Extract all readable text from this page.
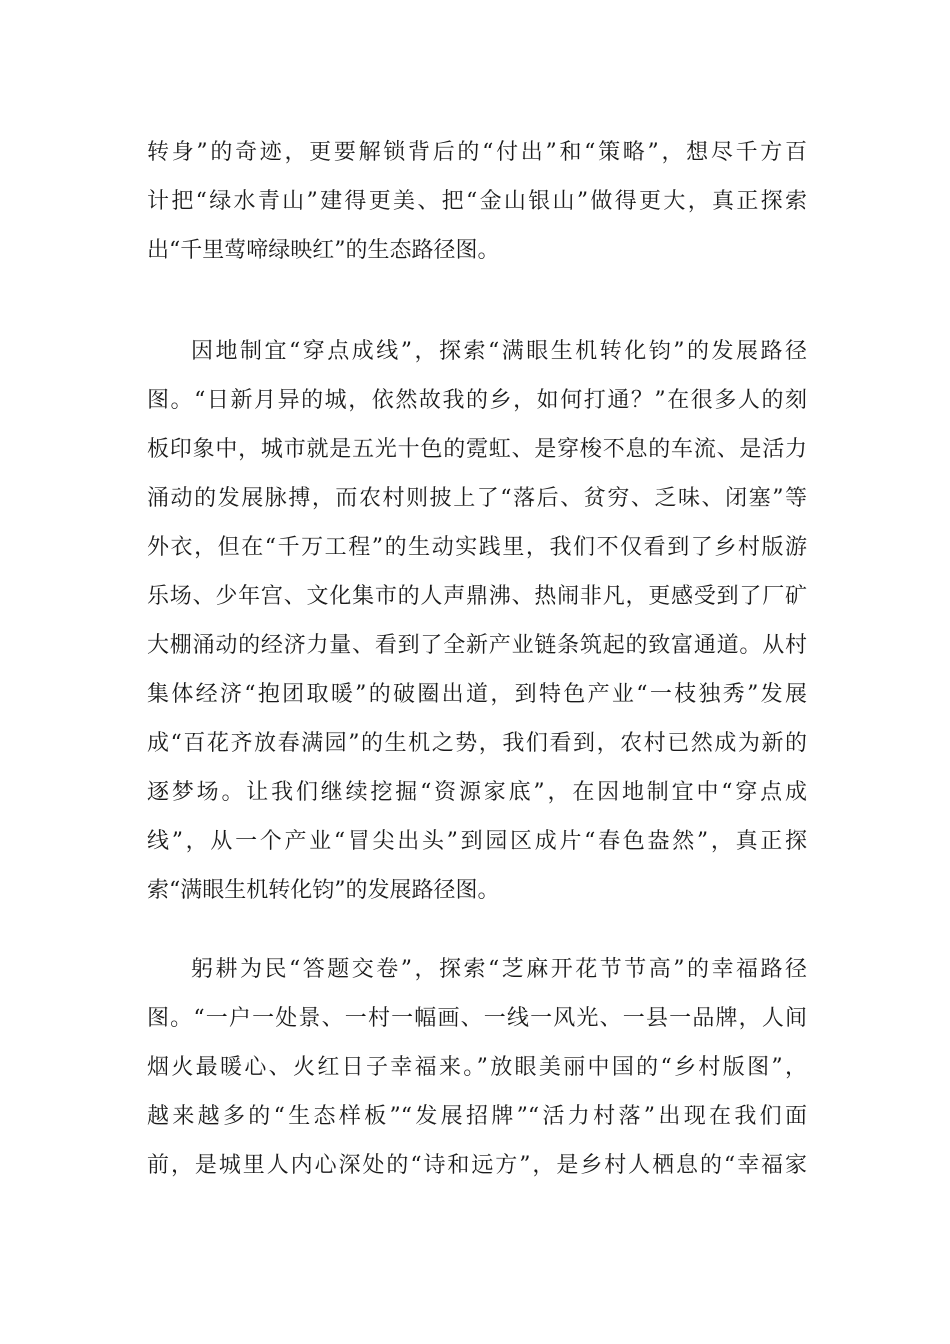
转身”的奇迹，更要解锁背后的“付出”和“策略”，想尽千方百
计把“绿水青山”建得更美、把“金山银山”做得更大，真正探索
出“千里莺啼绿映红”的生态路径图。
因地制宜“穿点成线”，探索“满眼生机转化钧”的发展路径
图。“日新月异的城，依然故我的乡，如何打通？”在很多人的刻
板印象中，城市就是五光十色的霓虹、是穿梭不息的车流、是活力
涌动的发展脉搏，而农村则披上了“落后、贫穷、乏味、闭塞”等
外衣，但在“千万工程”的生动实践里，我们不仅看到了乡村版游
乐场、少年宫、文化集市的人声鼎沸、热闹非凡，更感受到了厂矿
大棚涌动的经济力量、看到了全新产业链条筑起的致富通道。从村
集体经济“抱团取暖”的破圈出道，到特色产业“一枝独秀”发展
成“百花齐放春满园”的生机之势，我们看到，农村已然成为新的
逐梦场。让我们继续挖掘“资源家底”，在因地制宜中“穿点成
线”，从一个产业“冒尖出头”到园区成片“春色盎然”，真正探
索“满眼生机转化钧”的发展路径图。
躬耕为民“答题交卷”，探索“芝麻开花节节高”的幸福路径
图。“一户一处景、一村一幅画、一线一风光、一县一品牌，人间
烟火最暖心、火红日子幸福来。”放眼美丽中国的“乡村版图”，
越来越多的“生态样板”“发展招牌”“活力村落”出现在我们面
前，是城里人内心深处的“诗和远方”，是乡村人栖息的“幸福家
